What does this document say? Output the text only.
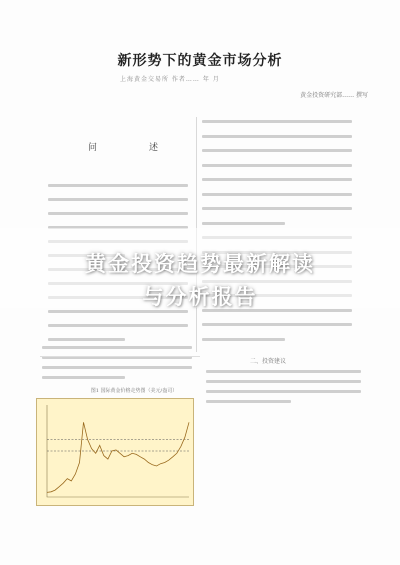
新形势下的黄金市场分析
上海黄金交易所 作者…… 年 月
黄金投资研究部…… 撰写
问	述
二、投资建议
图1 国际黄金价格走势图（美元/盎司）
黄金投资趋势最新解读
与分析报告
